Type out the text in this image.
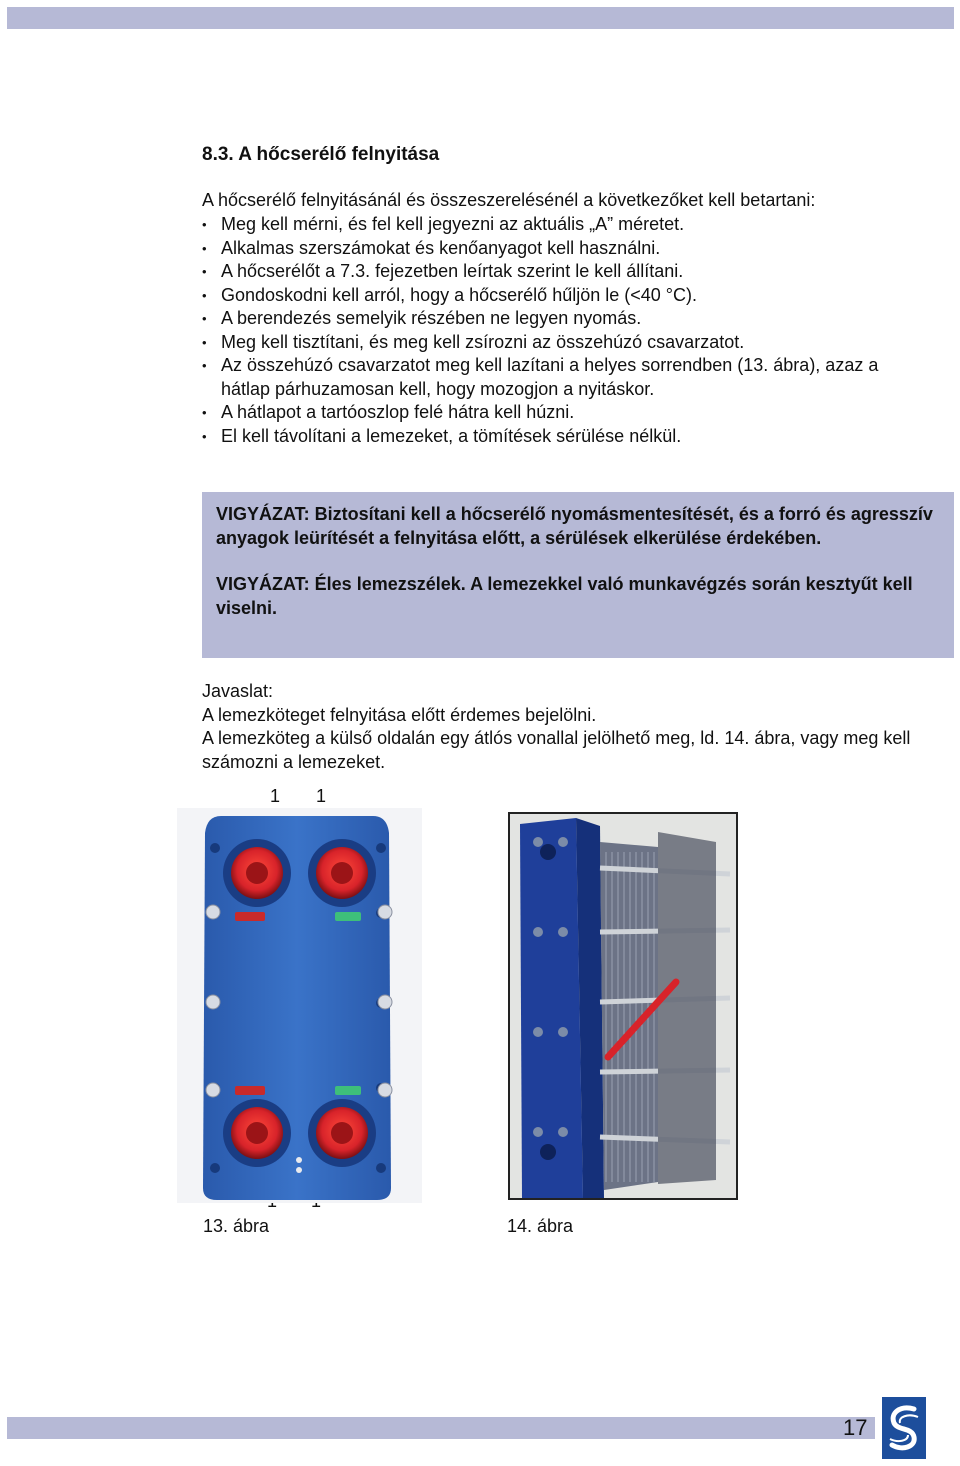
8.3. A hőcserélő felnyitása
A hőcserélő felnyitásánál és összeszerelésénél a következőket kell betartani:
• Meg kell mérni, és fel kell jegyezni az aktuális „A” méretet.
• Alkalmas szerszámokat és kenőanyagot kell használni.
• A hőcserélőt a 7.3. fejezetben leírtak szerint le kell állítani.
• Gondoskodni kell arról, hogy a hőcserélő hűljön le (<40 °C).
• A berendezés semelyik részében ne legyen nyomás.
• Meg kell tisztítani, és meg kell zsírozni az összehúzó csavarzatot.
• Az összehúzó csavarzatot meg kell lazítani a helyes sorrendben (13. ábra), azaz a hátlap párhuzamosan kell, hogy mozogjon a nyitáskor.
• A hátlapot a tartóoszlop felé hátra kell húzni.
• El kell távolítani a lemezeket, a tömítések sérülése nélkül.

VIGYÁZAT: Biztosítani kell a hőcserélő nyomásmentesítését, és a forró és agresszív anyagok leürítését a felnyitása előtt, a sérülések elkerülése érdekében.

VIGYÁZAT: Éles lemezszélek. A lemezekkel való munkavégzés során kesztyűt kell viselni.

Javaslat:
A lemezköteget felnyitása előtt érdemes bejelölni.
A lemezköteg a külső oldalán egy átlós vonallal jelölhető meg, ld. 14. ábra, vagy meg kell számozni a lemezeket.
1 1
13. ábra	14. ábra
17
